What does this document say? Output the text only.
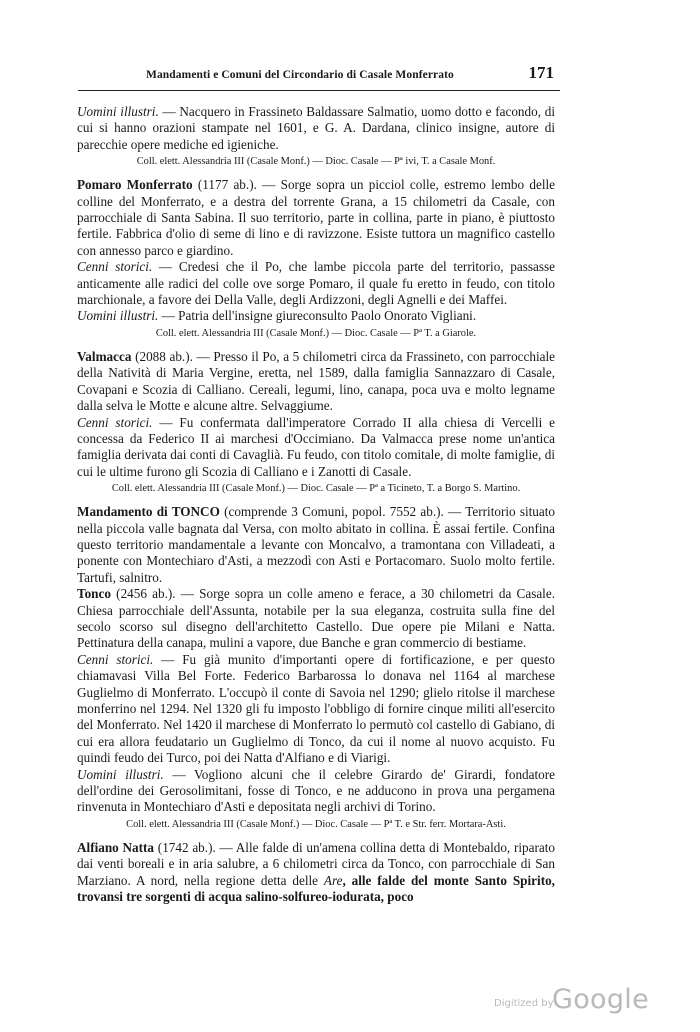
Mandamenti e Comuni del Circondario di Casale Monferrato	171

Uomini illustri. — Nacquero in Frassineto Baldassare Salmatio, uomo dotto e facondo, di cui si hanno orazioni stampate nel 1601, e G. A. Dardana, clinico insigne, autore di parecchie opere mediche ed igieniche.

Coll. elett. Alessandria III (Casale Monf.) — Dioc. Casale — Pª ivi, T. a Casale Monf.

Pomaro Monferrato (1177 ab.). — Sorge sopra un picciol colle, estremo lembo delle colline del Monferrato, e a destra del torrente Grana, a 15 chilometri da Casale, con parrocchiale di Santa Sabina. Il suo territorio, parte in collina, parte in piano, è piuttosto fertile. Fabbrica d'olio di seme di lino e di ravizzone. Esiste tuttora un magnifico castello con annesso parco e giardino.

Cenni storici. — Credesi che il Po, che lambe piccola parte del territorio, passasse anticamente alle radici del colle ove sorge Pomaro, il quale fu eretto in feudo, con titolo marchionale, a favore dei Della Valle, degli Ardizzoni, degli Agnelli e dei Maffei.

Uomini illustri. — Patria dell'insigne giureconsulto Paolo Onorato Vigliani.

Coll. elett. Alessandria III (Casale Monf.) — Dioc. Casale — Pª T. a Giarole.

Valmacca (2088 ab.). — Presso il Po, a 5 chilometri circa da Frassineto, con parrocchiale della Natività di Maria Vergine, eretta, nel 1589, dalla famiglia Sannazzaro di Casale, Covapani e Scozia di Calliano. Cereali, legumi, lino, canapa, poca uva e molto legname dalla selva le Motte e alcune altre. Selvaggiume.

Cenni storici. — Fu confermata dall'imperatore Corrado II alla chiesa di Vercelli e concessa da Federico II ai marchesi d'Occimiano. Da Valmacca prese nome un'antica famiglia derivata dai conti di Cavaglià. Fu feudo, con titolo comitale, di molte famiglie, di cui le ultime furono gli Scozia di Calliano e i Zanotti di Casale.

Coll. elett. Alessandria III (Casale Monf.) — Dioc. Casale — Pª a Ticineto, T. a Borgo S. Martino.

Mandamento di TONCO (comprende 3 Comuni, popol. 7552 ab.). — Territorio situato nella piccola valle bagnata dal Versa, con molto abitato in collina. È assai fertile. Confina questo territorio mandamentale a levante con Moncalvo, a tramontana con Villadeati, a ponente con Montechiaro d'Asti, a mezzodì con Asti e Portacomaro. Suolo molto fertile. Tartufi, salnitro.

Tonco (2456 ab.). — Sorge sopra un colle ameno e ferace, a 30 chilometri da Casale. Chiesa parrocchiale dell'Assunta, notabile per la sua eleganza, costruita sulla fine del secolo scorso sul disegno dell'architetto Castello. Due opere pie Milani e Natta. Pettinatura della canapa, mulini a vapore, due Banche e gran commercio di bestiame.

Cenni storici. — Fu già munito d'importanti opere di fortificazione, e per questo chiamavasi Villa Bel Forte. Federico Barbarossa lo donava nel 1164 al marchese Guglielmo di Monferrato. L'occupò il conte di Savoia nel 1290; glielo ritolse il marchese monferrino nel 1294. Nel 1320 gli fu imposto l'obbligo di fornire cinque militi all'esercito del Monferrato. Nel 1420 il marchese di Monferrato lo permutò col castello di Gabiano, di cui era allora feudatario un Guglielmo di Tonco, da cui il nome al nuovo acquisto. Fu quindi feudo dei Turco, poi dei Natta d'Alfiano e di Viarigi.

Uomini illustri. — Vogliono alcuni che il celebre Girardo de' Girardi, fondatore dell'ordine dei Gerosolimitani, fosse di Tonco, e ne adducono in prova una pergamena rinvenuta in Montechiaro d'Asti e depositata negli archivi di Torino.

Coll. elett. Alessandria III (Casale Monf.) — Dioc. Casale — Pª T. e Str. ferr. Mortara-Asti.

Alfiano Natta (1742 ab.). — Alle falde di un'amena collina detta di Montebaldo, riparato dai venti boreali e in aria salubre, a 6 chilometri circa da Tonco, con parrocchiale di San Marziano. A nord, nella regione detta delle Are, alle falde del monte Santo Spirito, trovansi tre sorgenti di acqua salino-solfureo-iodurata, poco

Digitized by
Google
